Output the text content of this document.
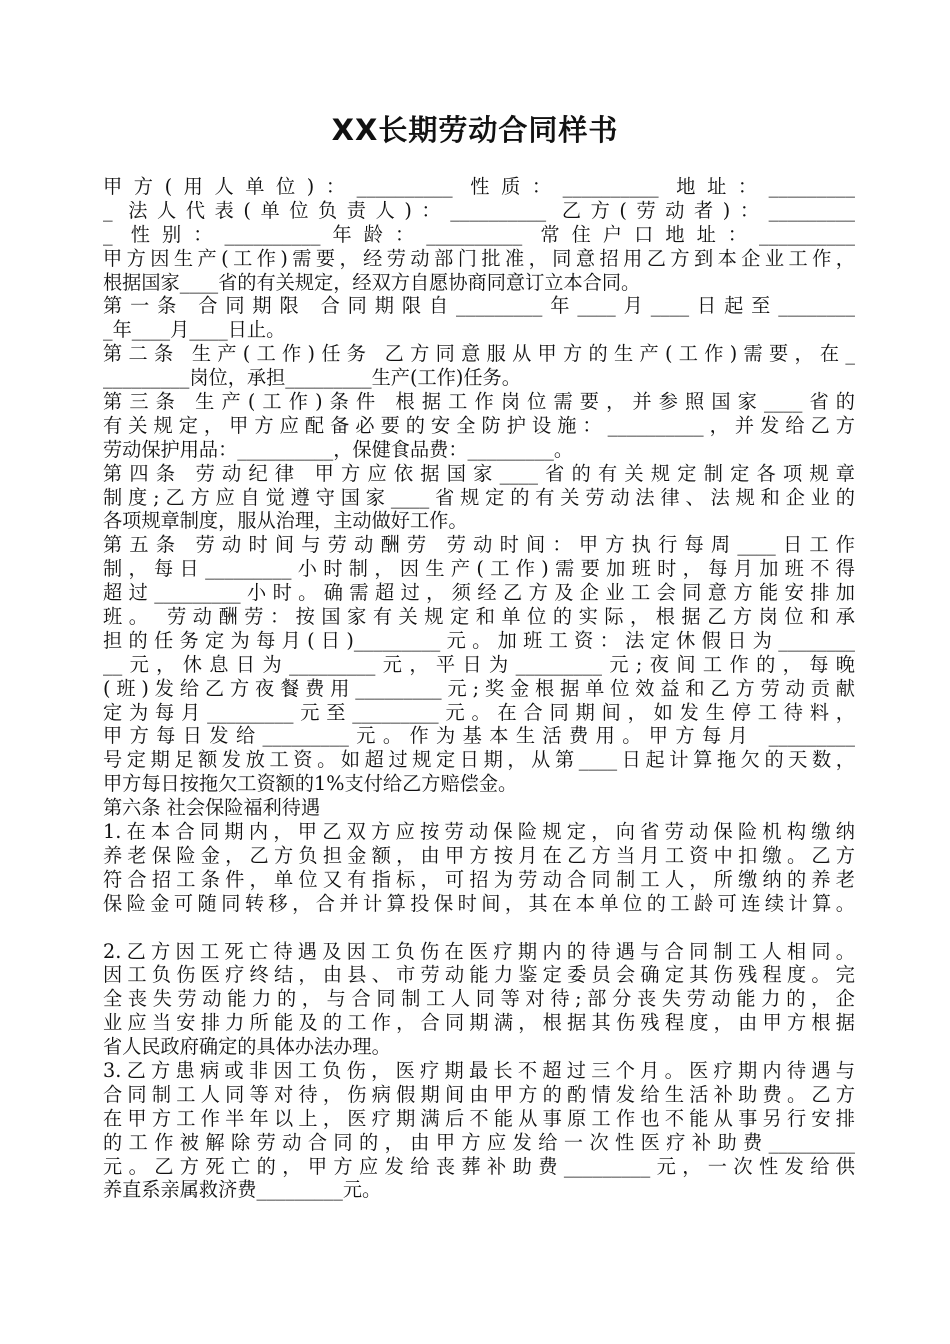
XX长期劳动合同样书
甲方(用人单位)：__________ 性质：__________ 地址：_________
_ 法人代表(单位负责人)：__________ 乙方(劳动者)：_________
_ 性别：__________年龄：__________ 常住户口地址：__________
甲方因生产(工作)需要，经劳动部门批准，同意招用乙方到本企业工作，
根据国家____省的有关规定，经双方自愿协商同意订立本合同。
第一条 合同期限 合同期限自_________年____月____日起至________
_年____月____日止。
第二条 生产(工作)任务 乙方同意服从甲方的生产(工作)需要，在_
_________岗位，承担_________生产(工作)任务。
第三条 生产(工作)条件 根据工作岗位需要，并参照国家____省的
有关规定，甲方应配备必要的安全防护设施：__________，并发给乙方
劳动保护用品：__________，保健食品费：_________。
第四条 劳动纪律 甲方应依据国家____省的有关规定制定各项规章
制度;乙方应自觉遵守国家____省规定的有关劳动法律、法规和企业的
各项规章制度，服从治理，主动做好工作。
第五条 劳动时间与劳动酬劳 劳动时间：甲方执行每周____日工作
制，每日_________小时制，因生产(工作)需要加班时，每月加班不得
超过_________小时。确需超过，须经乙方及企业工会同意方能安排加
班。 劳动酬劳：按国家有关规定和单位的实际，根据乙方岗位和承
担的任务定为每月(日)_________元。加班工资：法定休假日为________
__元，休息日为_________元，平日为_________元;夜间工作的，每晚
(班)发给乙方夜餐费用_________元;奖金根据单位效益和乙方劳动贡献
定为每月_________元至_________元。在合同期间，如发生停工待料，
甲方每日发给_________元。作为基本生活费用。甲方每月 _________
号定期足额发放工资。如超过规定日期，从第____日起计算拖欠的天数，
甲方每日按拖欠工资额的1%支付给乙方赔偿金。
第六条 社会保险福利待遇
1.在本合同期内，甲乙双方应按劳动保险规定，向省劳动保险机构缴纳
养老保险金，乙方负担金额，由甲方按月在乙方当月工资中扣缴。乙方
符合招工条件，单位又有指标，可招为劳动合同制工人，所缴纳的养老
保险金可随同转移，合并计算投保时间，其在本单位的工龄可连续计算。
2.乙方因工死亡待遇及因工负伤在医疗期内的待遇与合同制工人相同。
因工负伤医疗终结，由县、市劳动能力鉴定委员会确定其伤残程度。完
全丧失劳动能力的，与合同制工人同等对待;部分丧失劳动能力的，企
业应当安排力所能及的工作，合同期满，根据其伤残程度，由甲方根据
省人民政府确定的具体办法办理。
3.乙方患病或非因工负伤，医疗期最长不超过三个月。医疗期内待遇与
合同制工人同等对待，伤病假期间由甲方的酌情发给生活补助费。乙方
在甲方工作半年以上，医疗期满后不能从事原工作也不能从事另行安排
的工作被解除劳动合同的，由甲方应发给一次性医疗补助费_________
元。乙方死亡的，甲方应发给丧葬补助费_________元，一次性发给供
养直系亲属救济费_________元。
